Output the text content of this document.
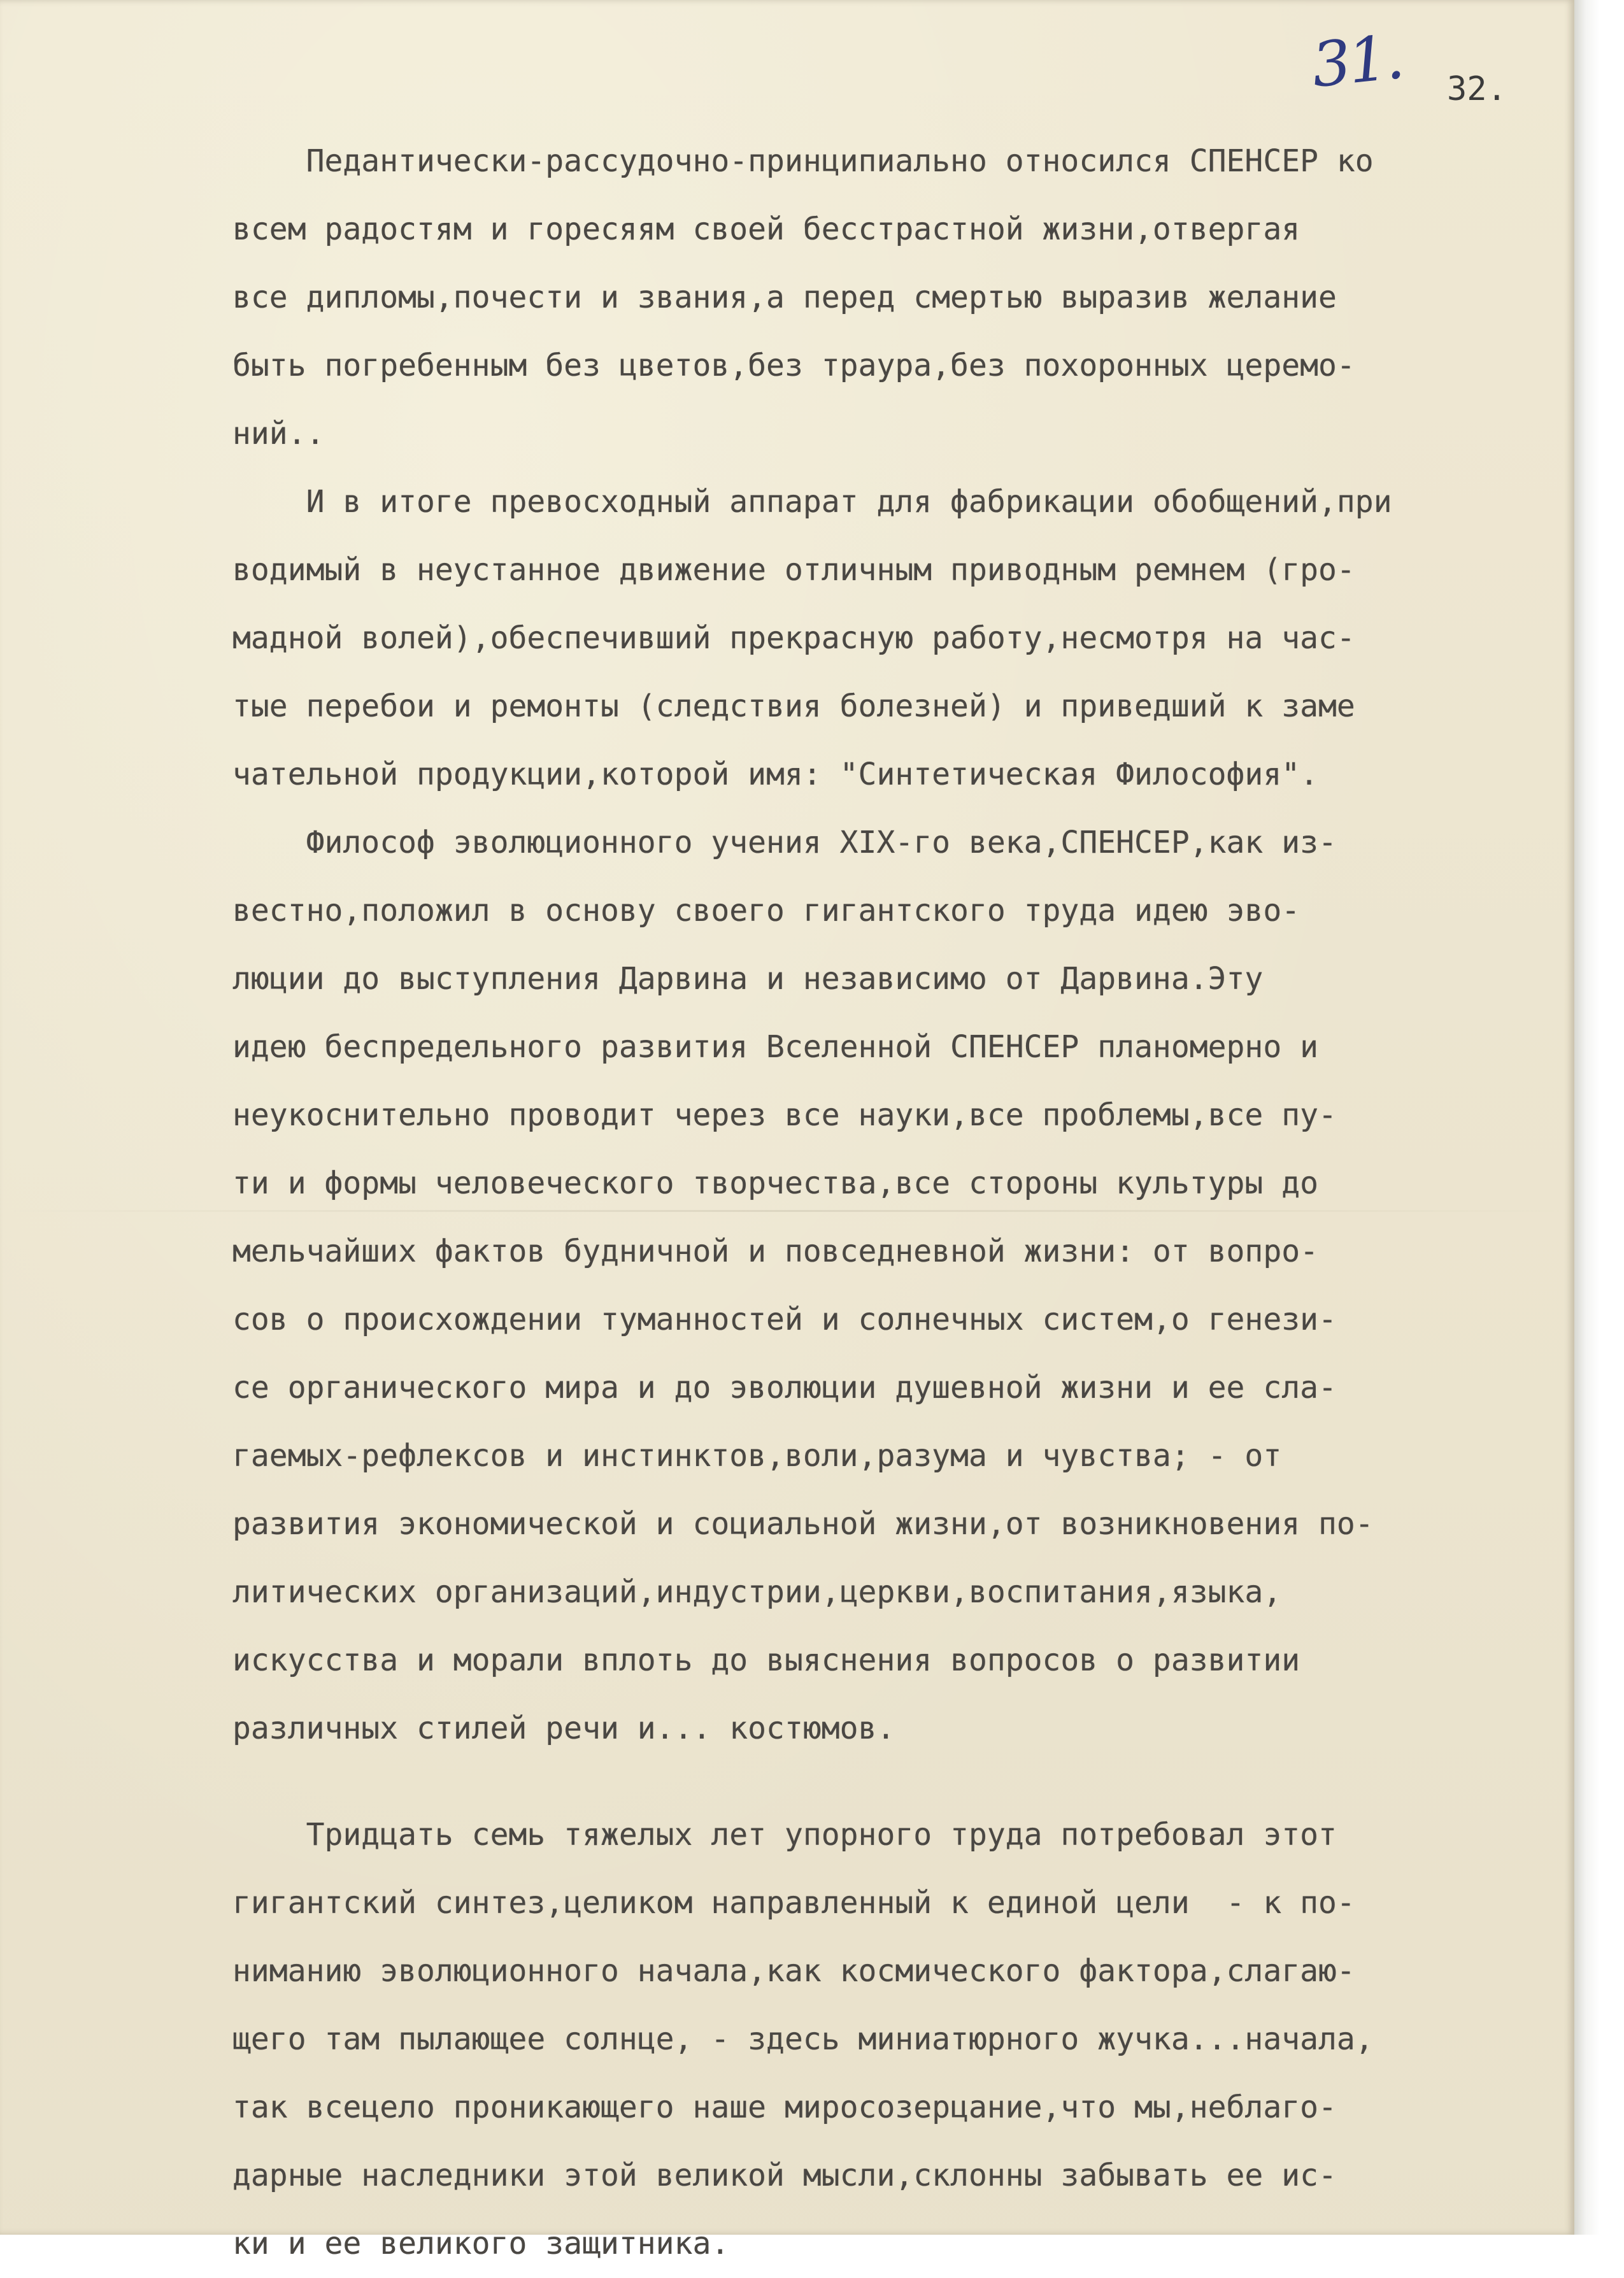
31. 32.
Педантически-рассудочно-принципиально относился СПЕНСЕР ко
всем радостям и горесяям своей бесстрастной жизни,отвергая
все дипломы,почести и звания,а перед смертью выразив желание
быть погребенным без цветов,без траура,без похоронных церемо-
ний..
И в итоге превосходный аппарат для фабрикации обобщений,при
водимый в неустанное движение отличным приводным ремнем (гро-
мадной волей),обеспечивший прекрасную работу,несмотря на час-
тые перебои и ремонты (следствия болезней) и приведший к заме
чательной продукции,которой имя: "Синтетическая Философия".
Философ эволюционного учения XIX-го века,СПЕНСЕР,как из-
вестно,положил в основу своего гигантского труда идею эво-
люции до выступления Дарвина и независимо от Дарвина.Эту
идею беспредельного развития Вселенной СПЕНСЕР планомерно и
неукоснительно проводит через все науки,все проблемы,все пу-
ти и формы человеческого творчества,все стороны культуры до
мельчайших фактов будничной и повседневной жизни: от вопро-
сов о происхождении туманностей и солнечных систем,о генези-
се органического мира и до эволюции душевной жизни и ее сла-
гаемых-рефлексов и инстинктов,воли,разума и чувства; - от
развития экономической и социальной жизни,от возникновения по-
литических организаций,индустрии,церкви,воспитания,языка,
искусства и морали вплоть до выяснения вопросов о развитии
различных стилей речи и... костюмов.
Тридцать семь тяжелых лет упорного труда потребовал этот
гигантский синтез,целиком направленный к единой цели  - к по-
ниманию эволюционного начала,как космического фактора,слагаю-
щего там пылающее солнце, - здесь миниатюрного жучка...начала,
так всецело проникающего наше миросозерцание,что мы,неблаго-
дарные наследники этой великой мысли,склонны забывать ее ис-
ки и ее великого защитника.
